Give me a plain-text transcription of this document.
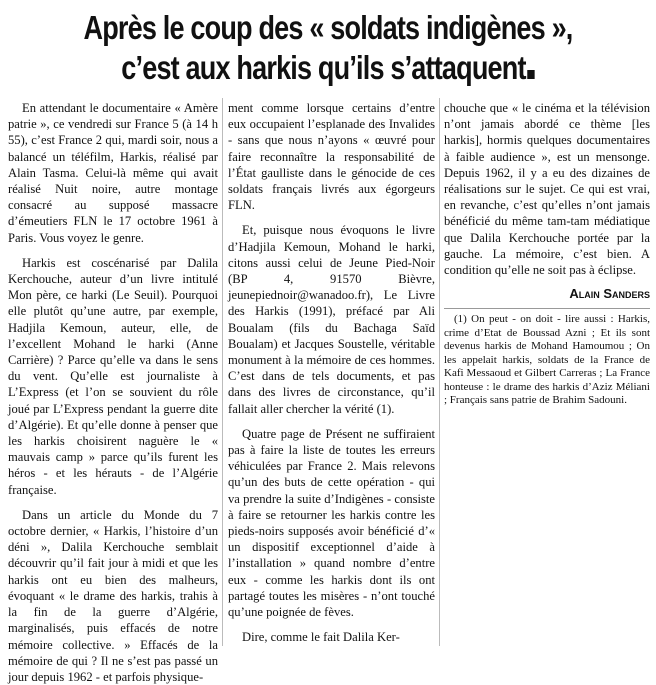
Après le coup des « soldats indigènes »,
c’est aux harkis qu’ils s’attaquent

En attendant le documentaire « Amère patrie », ce vendredi sur France 5 (à 14 h 55), c’est France 2 qui, mardi soir, nous a balancé un téléfilm, Harkis, réalisé par Alain Tasma. Celui-là même qui avait réalisé Nuit noire, autre montage consacré au supposé massacre d’émeutiers FLN le 17 octobre 1961 à Paris. Vous voyez le genre.

Harkis est coscénarisé par Dalila Kerchouche, auteur d’un livre intitulé Mon père, ce harki (Le Seuil). Pourquoi elle plutôt qu’une autre, par exemple, Hadjila Kemoun, auteur, elle, de l’excellent Mohand le harki (Anne Carrière) ? Parce qu’elle va dans le sens du vent. Qu’elle est journaliste à L’Express (et l’on se souvient du rôle joué par L’Express pendant la guerre dite d’Algérie). Et qu’elle donne à penser que les harkis choisirent naguère le « mauvais camp » parce qu’ils furent les héros - et les hérauts - de l’Algérie française.

Dans un article du Monde du 7 octobre dernier, « Harkis, l’histoire d’un déni », Dalila Kerchouche semblait découvrir qu’il fait jour à midi et que les harkis ont eu bien des malheurs, évoquant « le drame des harkis, trahis à la fin de la guerre d’Algérie, marginalisés, puis effacés de notre mémoire collective. » Effacés de la mémoire de qui ? Il ne s’est pas passé un jour depuis 1962 - et parfois physique-

ment comme lorsque certains d’entre eux occupaient l’esplanade des Invalides - sans que nous n’ayons « œuvré pour faire reconnaître la responsabilité de l’État gaulliste dans le génocide de ces soldats français livrés aux égorgeurs FLN.

Et, puisque nous évoquons le livre d’Hadjila Kemoun, Mohand le harki, citons aussi celui de Jeune Pied-Noir (BP 4, 91570 Bièvre, jeunepiednoir@wanadoo.fr), Le Livre des Harkis (1991), préfacé par Ali Boualam (fils du Bachaga Saïd Boualam) et Jacques Soustelle, véritable monument à la mémoire de ces hommes. C’est dans de tels documents, et pas dans des livres de circonstance, qu’il fallait aller chercher la vérité (1).

Quatre page de Présent ne suffiraient pas à faire la liste de toutes les erreurs véhiculées par France 2. Mais relevons qu’un des buts de cette opération - qui va prendre la suite d’Indigènes - consiste à faire se retourner les harkis contre les pieds-noirs supposés avoir bénéficié d’« un dispositif exceptionnel d’aide à l’installation » quand nombre d’entre eux - comme les harkis dont ils ont partagé toutes les misères - n’ont touché qu’une poignée de fèves.

Dire, comme le fait Dalila Ker-

chouche que « le cinéma et la télévision n’ont jamais abordé ce thème [les harkis], hormis quelques documentaires à faible audience », est un mensonge. Depuis 1962, il y a eu des dizaines de réalisations sur le sujet. Ce qui est vrai, en revanche, c’est qu’elles n’ont jamais bénéficié du même tam-tam médiatique que Dalila Kerchouche portée par la gauche. La mémoire, c’est bien. A condition qu’elle ne soit pas à éclipse.

Alain Sanders

(1) On peut - on doit - lire aussi : Harkis, crime d’Etat de Boussad Azni ; Et ils sont devenus harkis de Mohand Hamoumou ; On les appelait harkis, soldats de la France de Kafi Messaoud et Gilbert Carreras ; La France honteuse : le drame des harkis d’Aziz Méliani ; Français sans patrie de Brahim Sadouni.
